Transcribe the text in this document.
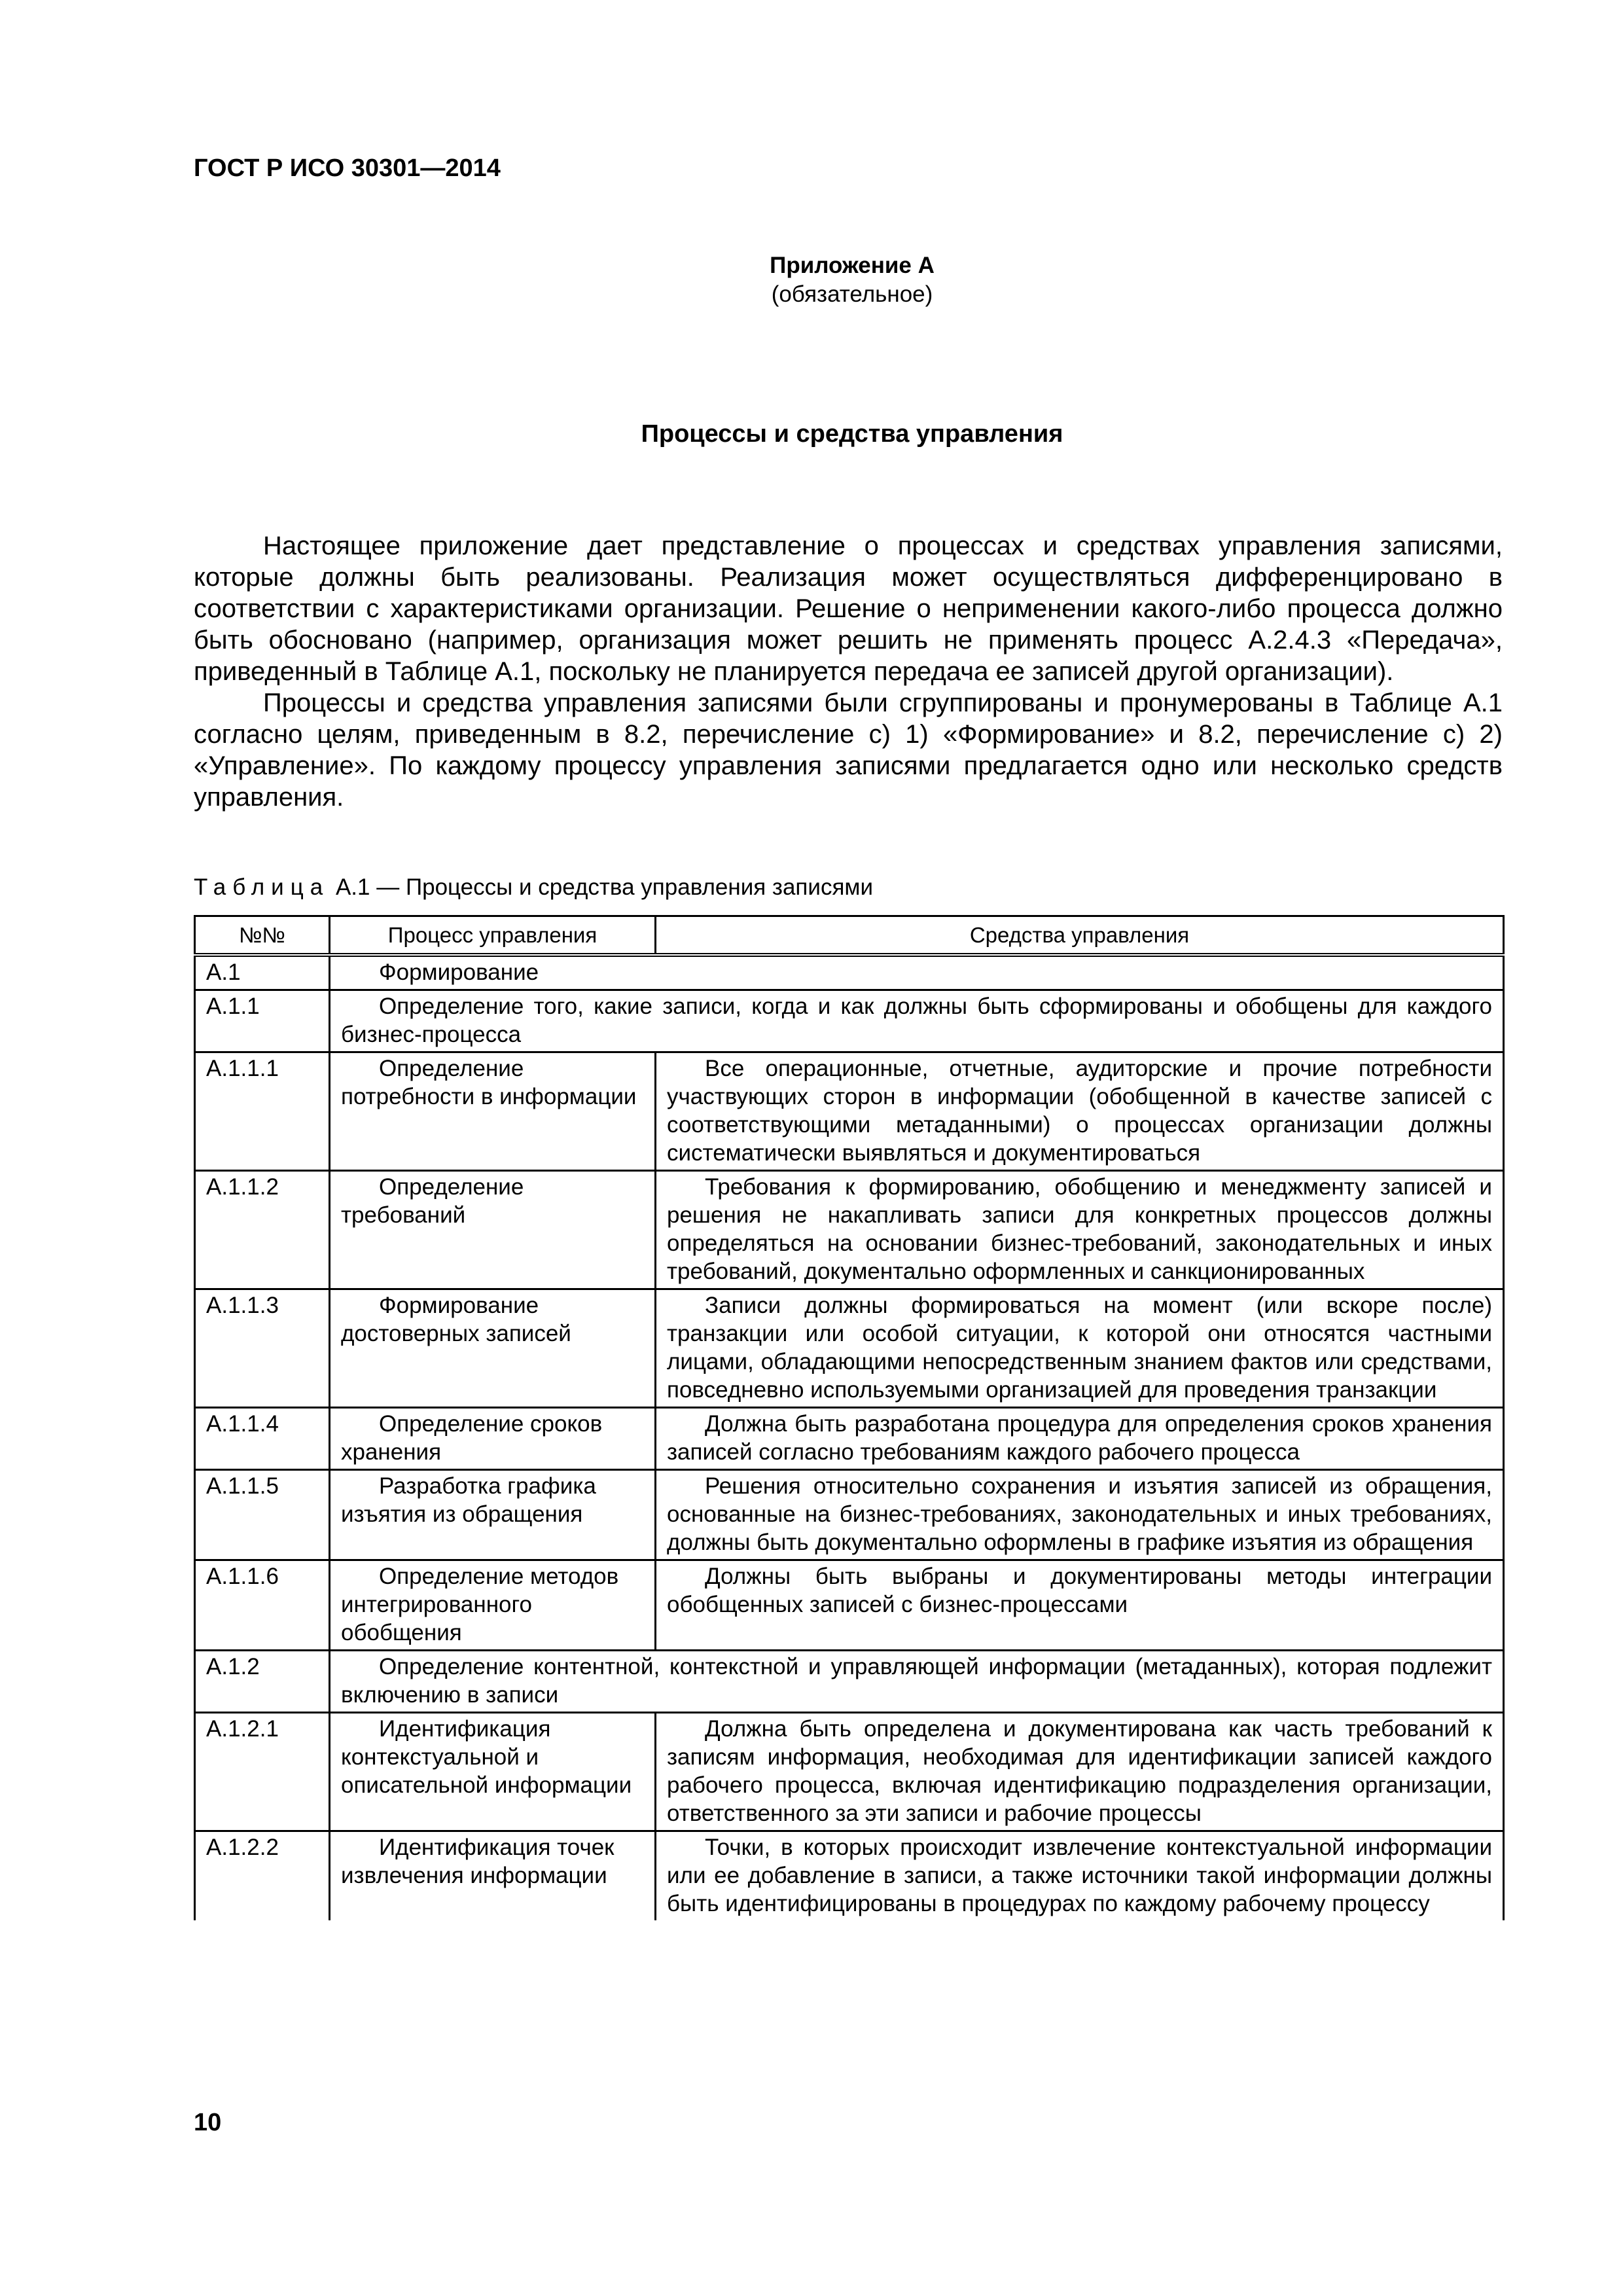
ГОСТ Р ИСО 30301—2014
Приложение А
(обязательное)
Процессы и средства управления

Настоящее приложение дает представление о процессах и средствах управления записями, которые должны быть реализованы. Реализация может осуществляться дифференцировано в соответствии с характеристиками организации. Решение о неприменении какого-либо процесса должно быть обосновано (например, организация может решить не применять процесс A.2.4.3 «Передача», приведенный в Таблице А.1, поскольку не планируется передача ее записей другой организации).

Процессы и средства управления записями были сгруппированы и пронумерованы в Таблице А.1 согласно целям, приведенным в 8.2, перечисление с) 1) «Формирование» и 8.2, перечисление с) 2) «Управление». По каждому процессу управления записями предлагается одно или несколько средств управления.

Таблица А.1 — Процессы и средства управления записями
№№	Процесс управления	Средства управления
A.1	Формирование	

A.1.1	Определение того, какие записи, когда и как должны быть сформированы и обобщены для каждого бизнес-процесса	

A.1.1.1	Определение потребности в информации	Все операционные, отчетные, аудиторские и прочие потребности участвующих сторон в информации (обобщенной в качестве записей с соответствующими метаданными) о процессах организации должны систематически выявляться и документироваться

A.1.1.2	Определение требований	Требования к формированию, обобщению и менеджменту записей и решения не накапливать записи для конкретных процессов должны определяться на основании бизнес-требований, законодательных и иных требований, документально оформленных и санкционированных

A.1.1.3	Формирование достоверных записей	Записи должны формироваться на момент (или вскоре после) транзакции или особой ситуации, к которой они относятся частными лицами, обладающими непосредственным знанием фактов или средствами, повседневно используемыми организацией для проведения транзакции

A.1.1.4	Определение сроков хранения	Должна быть разработана процедура для определения сроков хранения записей согласно требованиям каждого рабочего процесса

A.1.1.5	Разработка графика изъятия из обращения	Решения относительно сохранения и изъятия записей из обращения, основанные на бизнес-требованиях, законодательных и иных требованиях, должны быть документально оформлены в графике изъятия из обращения

A.1.1.6	Определение методов интегрированного обобщения	Должны быть выбраны и документированы методы интеграции обобщенных записей с бизнес-процессами

A.1.2	Определение контентной, контекстной и управляющей информации (метаданных), которая подлежит включению в записи	

A.1.2.1	Идентификация контекстуальной и описательной информации	Должна быть определена и документирована как часть требований к записям информация, необходимая для идентификации записей каждого рабочего процесса, включая идентификацию подразделения организации, ответственного за эти записи и рабочие процессы

A.1.2.2	Идентификация точек извлечения информации	Точки, в которых происходит извлечение контекстуальной информации или ее добавление в записи, а также источники такой информации должны быть идентифицированы в процедурах по каждому рабочему процессу
10
